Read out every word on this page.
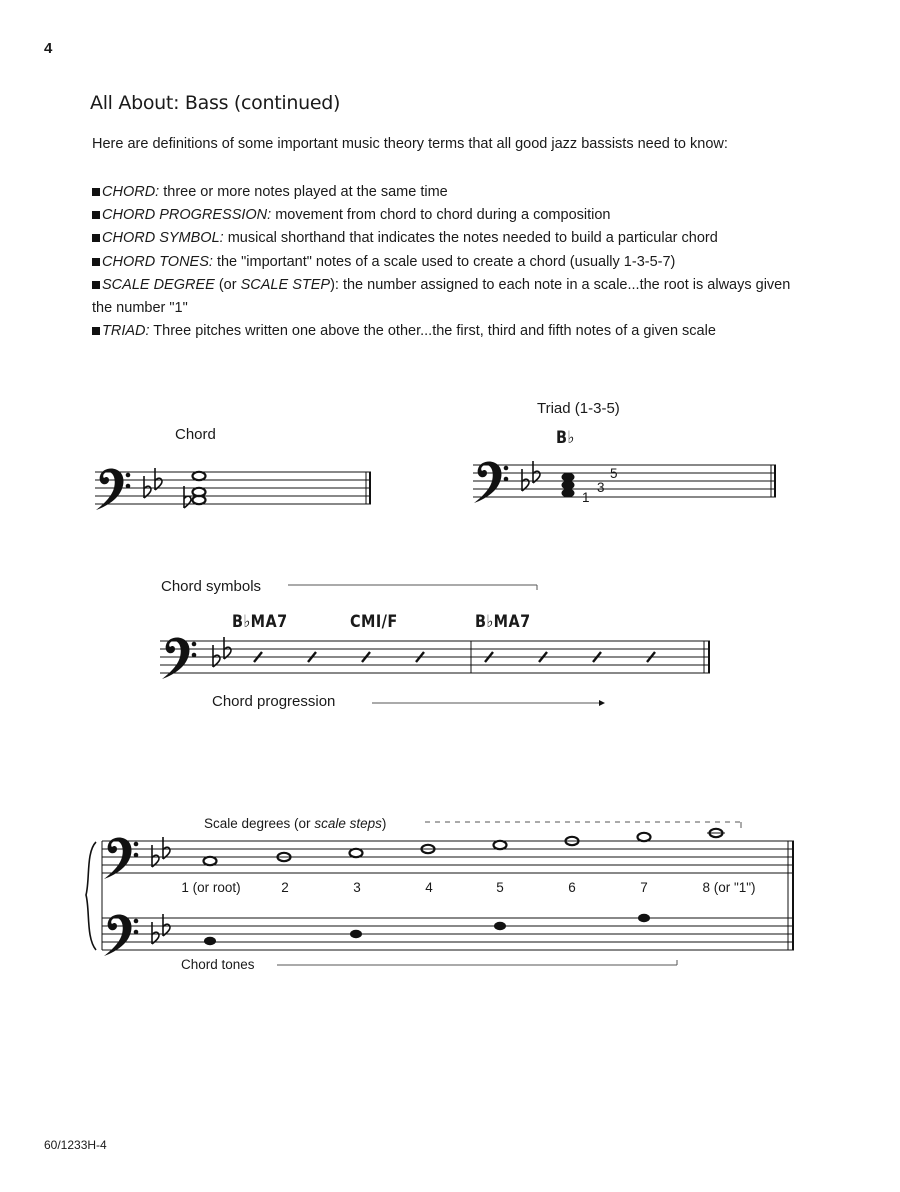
4
All About: Bass (continued)
Here are definitions of some important music theory terms that all good jazz bassists need to know:
CHORD: three or more notes played at the same time
CHORD PROGRESSION: movement from chord to chord during a composition
CHORD SYMBOL: musical shorthand that indicates the notes needed to build a particular chord
CHORD TONES: the "important" notes of a scale used to create a chord (usually 1-3-5-7)
SCALE DEGREE (or SCALE STEP): the number assigned to each note in a scale...the root is always given the number "1"
TRIAD: Three pitches written one above the other...the first, third and fifth notes of a given scale
Chord
Triad (1-3-5)
B♭
1
3
5
Chord symbols
B♭MA7	CMI/F	B♭MA7
Chord progression
Scale degrees (or scale steps)
1 (or root)	2	3	4	5	6	7	8 (or "1")
Chord tones
60/1233H-4
